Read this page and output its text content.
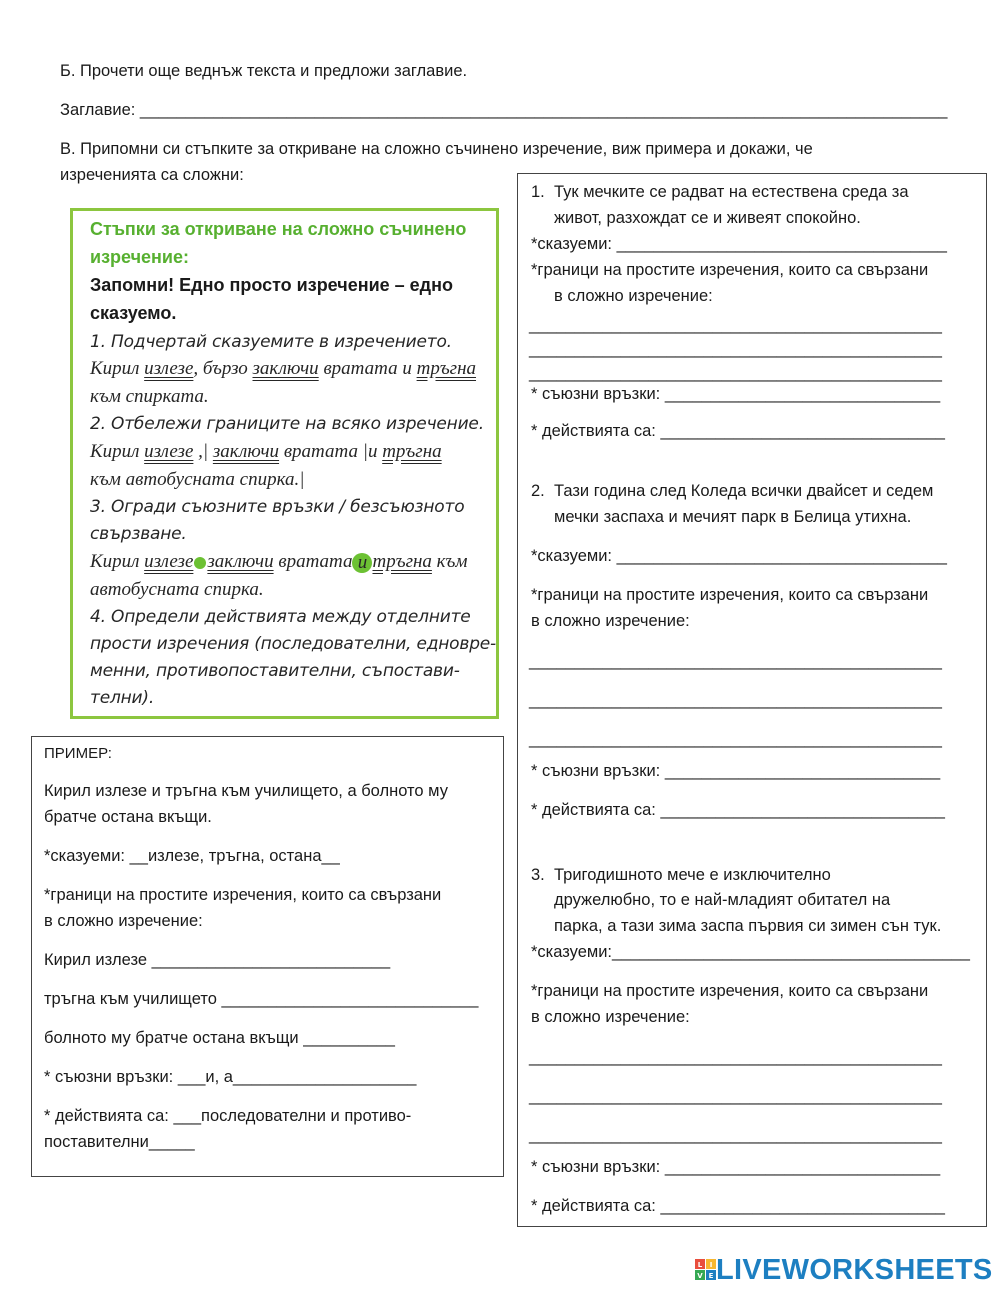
Б. Прочети още веднъж текста и предложи заглавие.
Заглавие: ________________________________________________________________________________________
В. Припомни си стъпките за откриване на сложно съчинено изречение, виж примера и докажи, че
изреченията са сложни:
Стъпки за откриване на сложно съчинено
изречение:
Запомни! Едно просто изречение – едно
сказуемо.
1. Подчертай сказуемите в изречението.
Кирил излезе, бързо заключи вратата и тръгна
към спирката.
2. Отбележи границите на всяко изречение.
Кирил излезе ,| заключи вратата |и тръгна
към автобусната спирка.|
3. Огради съюзните връзки / безсъюзното
свързване.
Кирил излезе заключи вратата и тръгна към
автобусната спирка.
4. Определи действията между отделните
прости изречения (последователни, едновре-
менни, противопоставителни, съпостави-
телни).
ПРИМЕР:
Кирил излезе и тръгна към училището, а болното му
братче остана вкъщи.
*сказуеми: __излезе, тръгна, остана__
*граници на простите изречения, които са свързани
в сложно изречение:
Кирил излезе __________________________
тръгна към училището ____________________________
болното му братче остана вкъщи __________
* съюзни връзки: ___и, а____________________
* действията са: ___последователни и противо-
поставителни_____
1. Тук мечките се радват на естествена среда за
живот, разхождат се и живеят спокойно.
*сказуеми: ____________________________________
*граници на простите изречения, които са свързани
в сложно изречение:
_____________________________________________
_____________________________________________
_____________________________________________
* съюзни връзки: ______________________________
* действията са: _______________________________
2. Тази година след Коледа всички двайсет и седем
мечки заспаха и мечият парк в Белица утихна.
*сказуеми: ____________________________________
*граници на простите изречения, които са свързани
в сложно изречение:
_____________________________________________
_____________________________________________
_____________________________________________
* съюзни връзки: ______________________________
* действията са: _______________________________
3. Тригодишното мече е изключително
дружелюбно, то е най-младият обитател на
парка, а тази зима заспа първия си зимен сън тук.
*сказуеми:_______________________________________
*граници на простите изречения, които са свързани
в сложно изречение:
_____________________________________________
_____________________________________________
_____________________________________________
* съюзни връзки: ______________________________
* действията са: _______________________________
L I
V E LIVEWORKSHEETS
